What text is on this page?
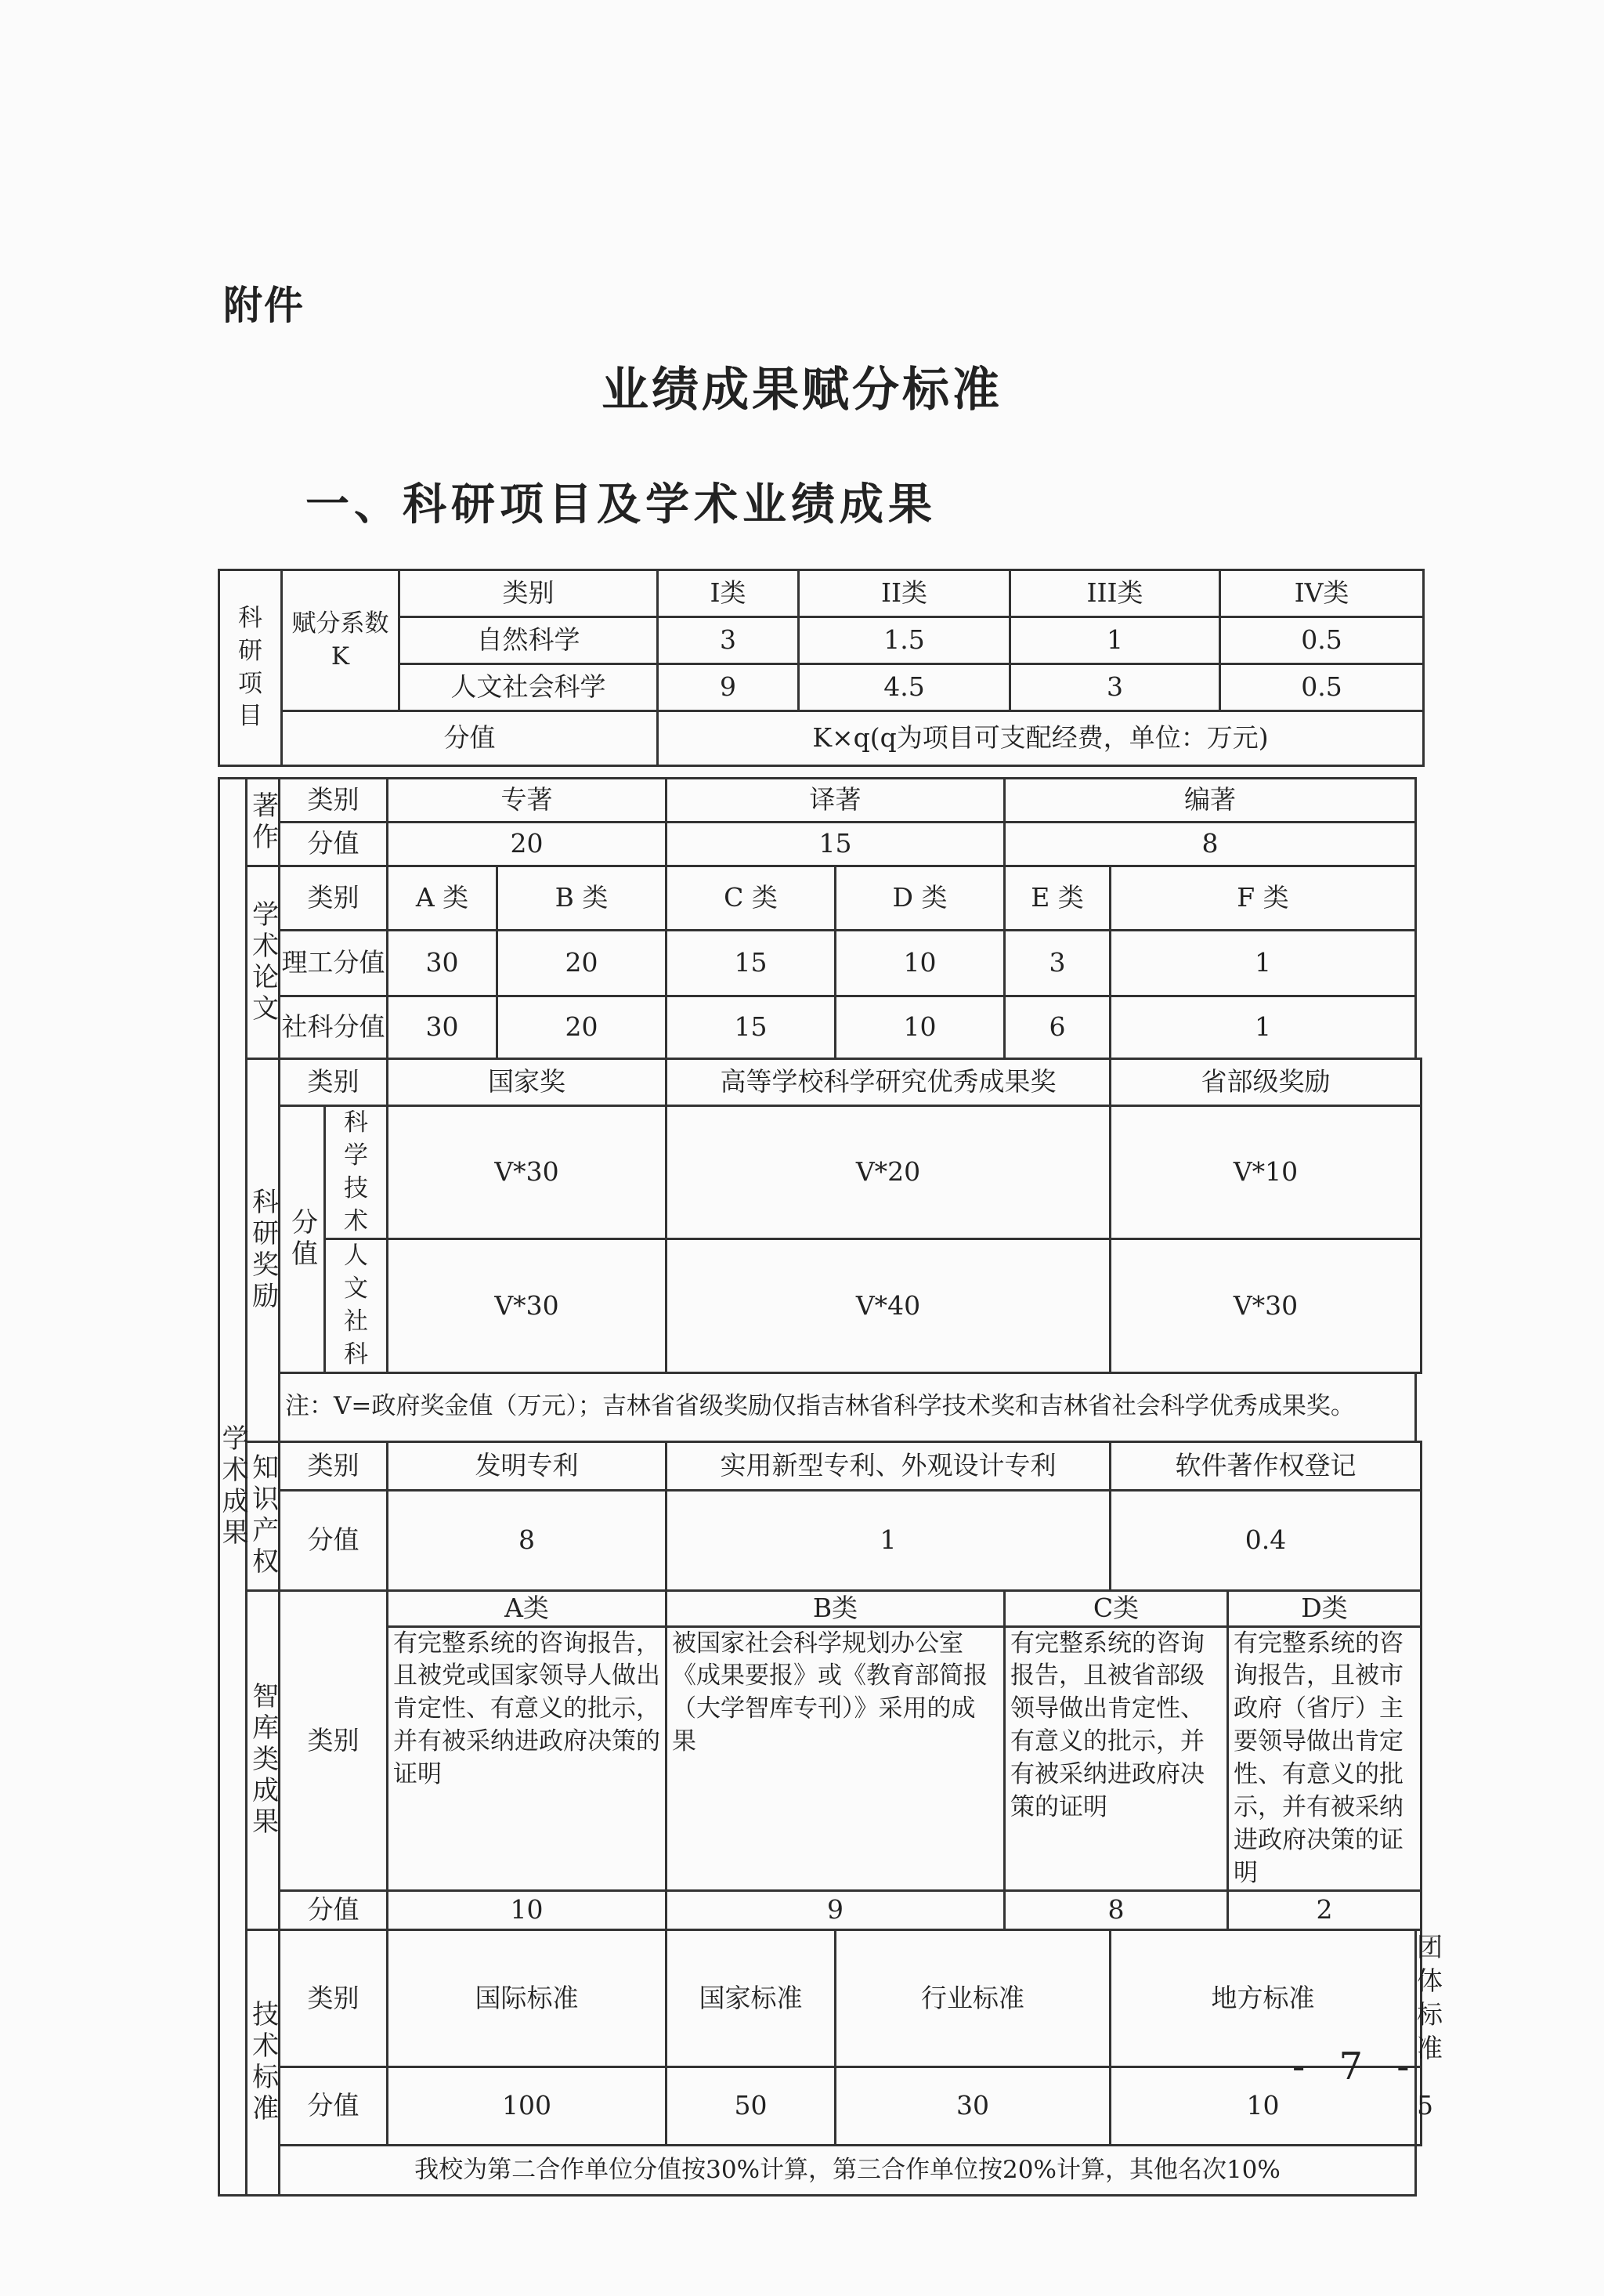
附件
业绩成果赋分标准
一、科研项目及学术业绩成果
科研项目	赋分系数K	类别	I类	II类	III类	IV类
		自然科学	3	1.5	1	0.5
		人文社会科学	9	4.5	3	0.5
	分值		K×q(q为项目可支配经费，单位：万元)			
学术成果	著作	类别		专著		译著		编著			
		分值		20		15		8			
	学术论文	类别		A 类	B 类	C 类	D 类	E 类	F 类		
		理工分值		30	20	15	10	3	1		
		社科分值		30	20	15	10	6	1		
	科研奖励	类别		国家奖		高等学校科学研究优秀成果奖			省部级奖励		
		分值	科学技术	V*30		V*20			V*10		
			人文社科	V*30		V*40			V*30		
		注：V=政府奖金值（万元）；吉林省省级奖励仅指吉林省科学技术奖和吉林省社会科学优秀成果奖。									
	知识产权	类别		发明专利		实用新型专利、外观设计专利			软件著作权登记		
		分值		8		1			0.4		
	智库类成果	类别		A类		B类		C类		D类	
				有完整系统的咨询报告，且被党或国家领导人做出肯定性、有意义的批示，并有被采纳进政府决策的证明		被国家社会科学规划办公室《成果要报》或《教育部简报（大学智库专刊）》采用的成果		有完整系统的咨询报告，且被省部级领导做出肯定性、有意义的批示，并有被采纳进政府决策的证明		有完整系统的咨询报告，且被市政府（省厅）主要领导做出肯定性、有意义的批示，并有被采纳进政府决策的证明	
		分值		10		9		8		2	
	技术标准	类别		国际标准		国家标准	行业标准		地方标准		团体标准
		分值		100		50	30		10		5
		我校为第二合作单位分值按30%计算，第三合作单位按20%计算，其他名次10%									
- 7 -
